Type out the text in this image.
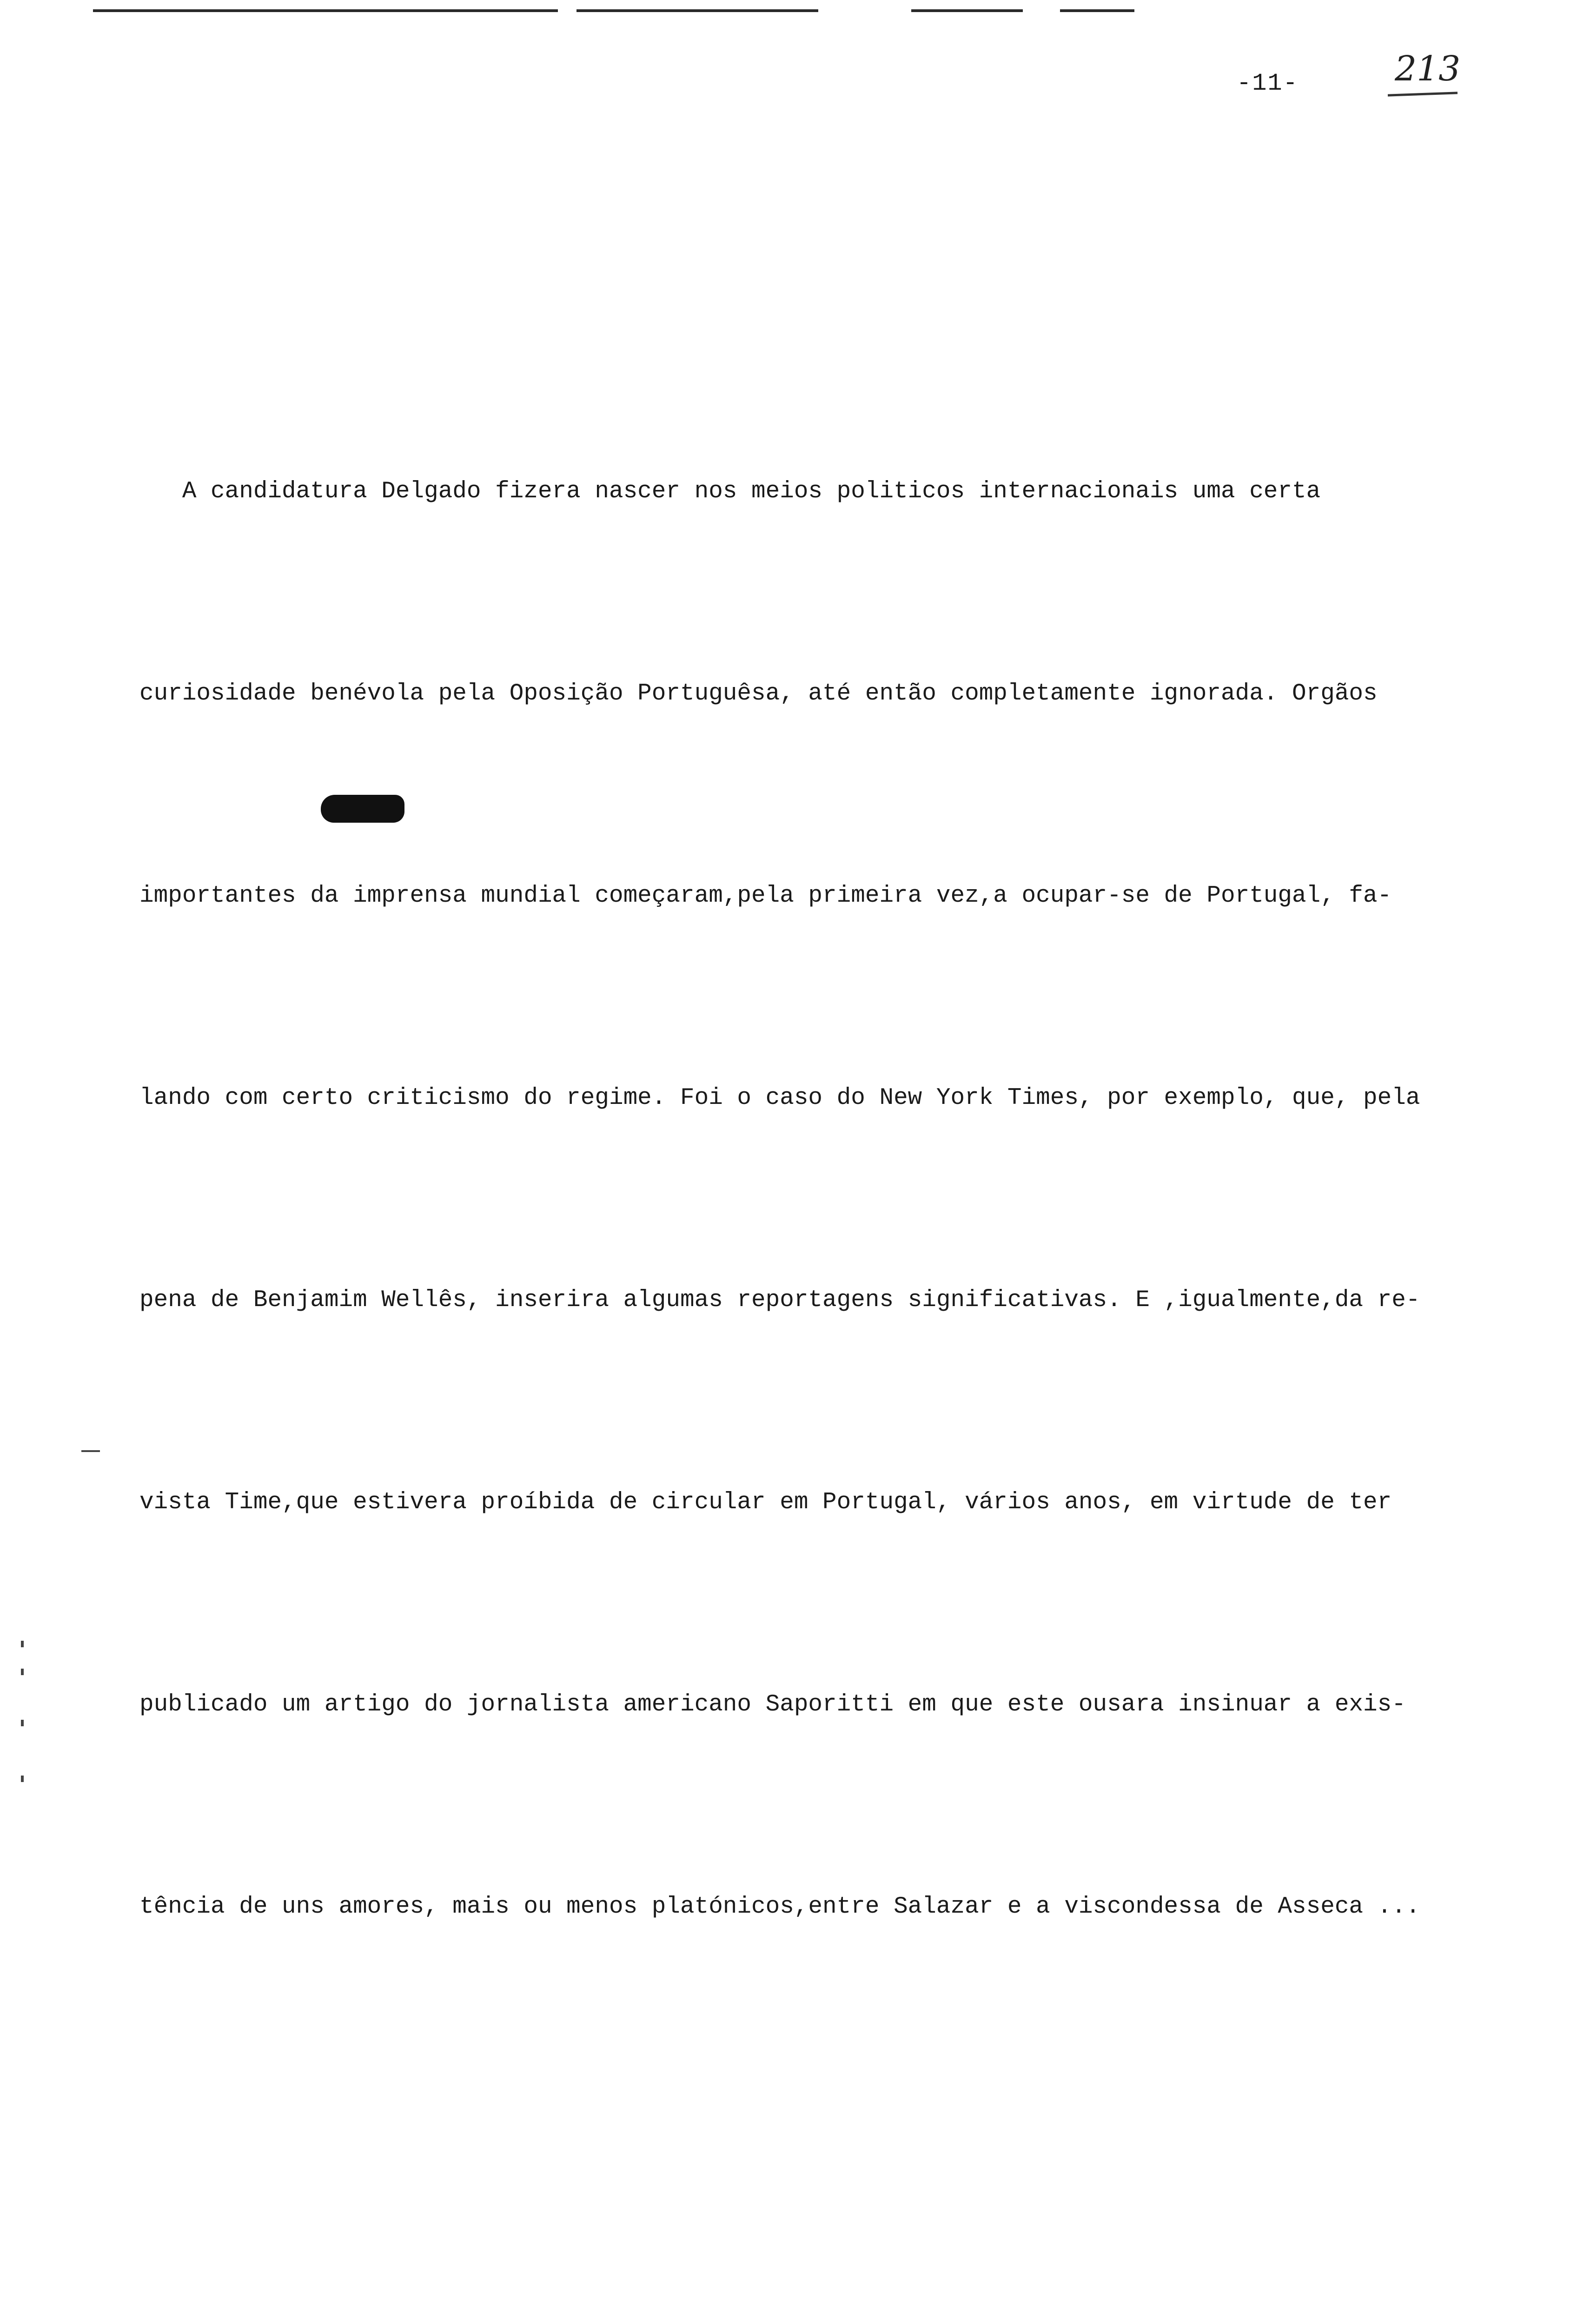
-11-	213

A candidatura Delgado fizera nascer nos meios politicos internacionais uma certa

curiosidade benévola pela Oposição Portuguêsa, até então completamente ignorada. Orgãos

importantes da imprensa mundial começaram,pela primeira vez,a ocupar-se de Portugal, fa-

lando com certo criticismo do regime. Foi o caso do New York Times, por exemplo, que, pela

pena de Benjamim Wellês, inserira algumas reportagens significativas. E ,igualmente,da re-

vista Time,que estivera proíbida de circular em Portugal, vários anos, em virtude de ter

publicado um artigo do jornalista americano Saporitti em que este ousara insinuar a exis-

tência de uns amores, mais ou menos platónicos,entre Salazar e a viscondessa de Asseca ...
